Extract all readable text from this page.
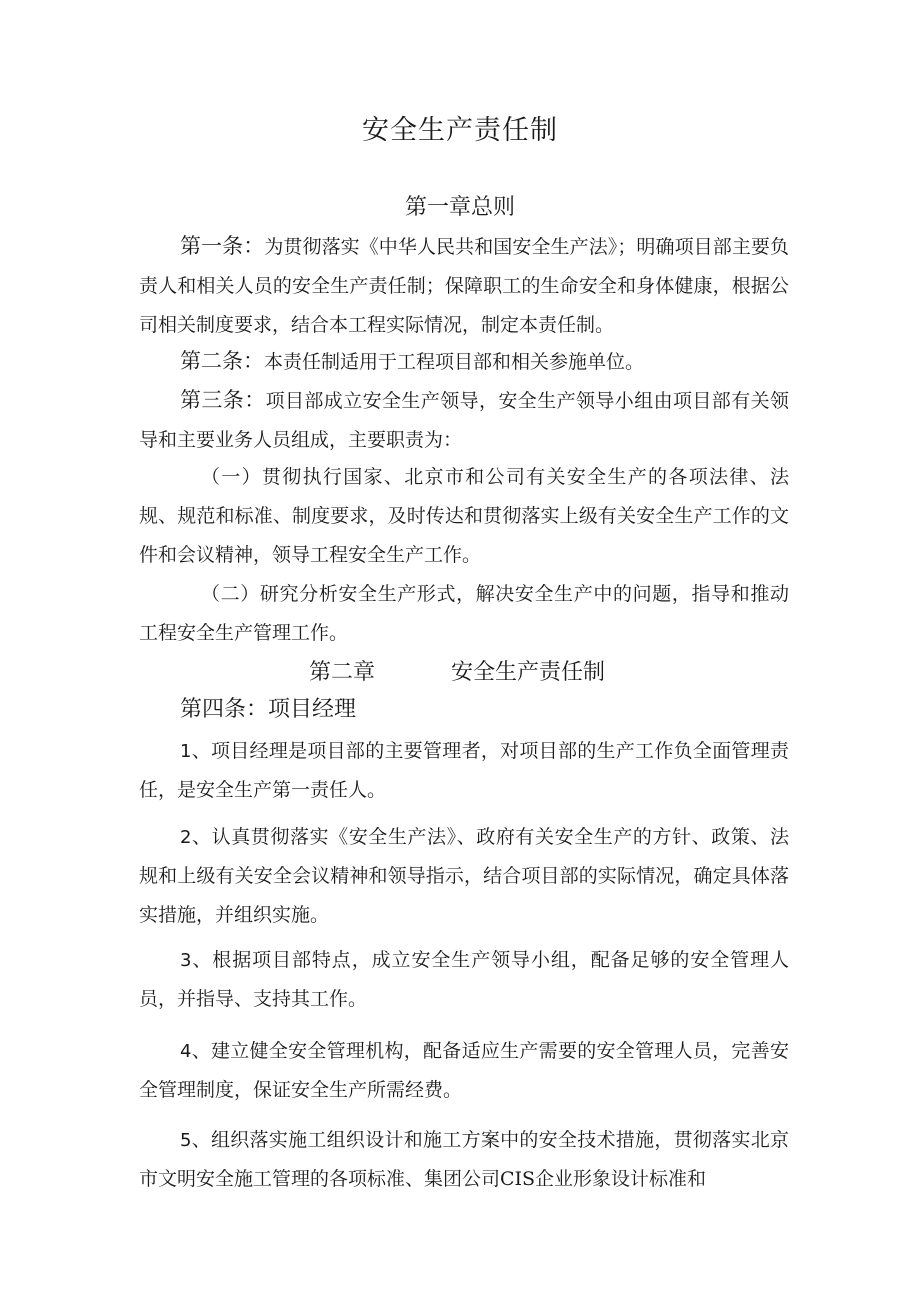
安全生产责任制
第一章总则

第一条：为贯彻落实《中华人民共和国安全生产法》；明确项目部主要负责人和相关人员的安全生产责任制；保障职工的生命安全和身体健康，根据公司相关制度要求，结合本工程实际情况，制定本责任制。

第二条：本责任制适用于工程项目部和相关参施单位。

第三条：项目部成立安全生产领导，安全生产领导小组由项目部有关领导和主要业务人员组成，主要职责为：

（一）贯彻执行国家、北京市和公司有关安全生产的各项法律、法规、规范和标准、制度要求，及时传达和贯彻落实上级有关安全生产工作的文件和会议精神，领导工程安全生产工作。

（二）研究分析安全生产形式，解决安全生产中的问题，指导和推动工程安全生产管理工作。

第二章	安全生产责任制
第四条：项目经理

1、项目经理是项目部的主要管理者，对项目部的生产工作负全面管理责任，是安全生产第一责任人。

2、认真贯彻落实《安全生产法》、政府有关安全生产的方针、政策、法规和上级有关安全会议精神和领导指示，结合项目部的实际情况，确定具体落实措施，并组织实施。

3、根据项目部特点，成立安全生产领导小组，配备足够的安全管理人员，并指导、支持其工作。

4、建立健全安全管理机构，配备适应生产需要的安全管理人员，完善安全管理制度，保证安全生产所需经费。

5、组织落实施工组织设计和施工方案中的安全技术措施，贯彻落实北京市文明安全施工管理的各项标准、集团公司CIS企业形象设计标准和
